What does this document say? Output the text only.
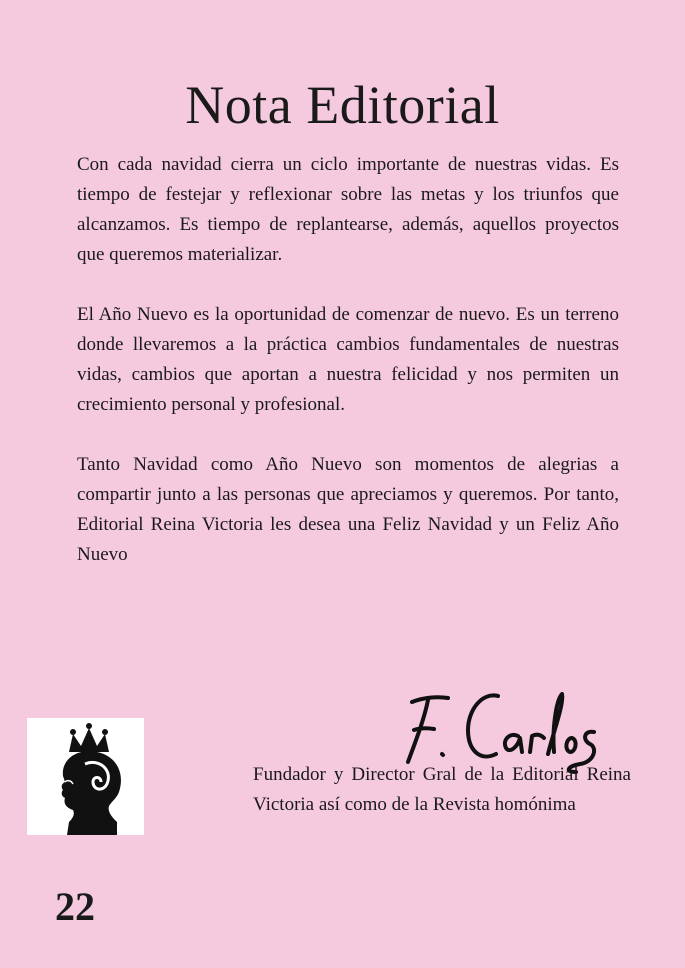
Nota Editorial

Con cada navidad cierra un ciclo importante de nuestras vidas. Es tiempo de festejar y reflexionar sobre las metas y los triunfos que alcanzamos. Es tiempo de replantearse, además, aquellos proyectos que queremos materializar.

El Año Nuevo es la oportunidad de comenzar de nuevo. Es un terreno donde llevaremos a la práctica cambios fundamentales de nuestras vidas, cambios que aportan a nuestra felicidad y nos permiten un crecimiento personal y profesional.

Tanto Navidad como Año Nuevo son momentos de alegrias a compartir junto a las personas que apreciamos y queremos. Por tanto, Editorial Reina Victoria les desea una Feliz Navidad y un Feliz Año Nuevo

Fundador y Director Gral de la Editorial Reina Victoria así como de la Revista homónima
22
